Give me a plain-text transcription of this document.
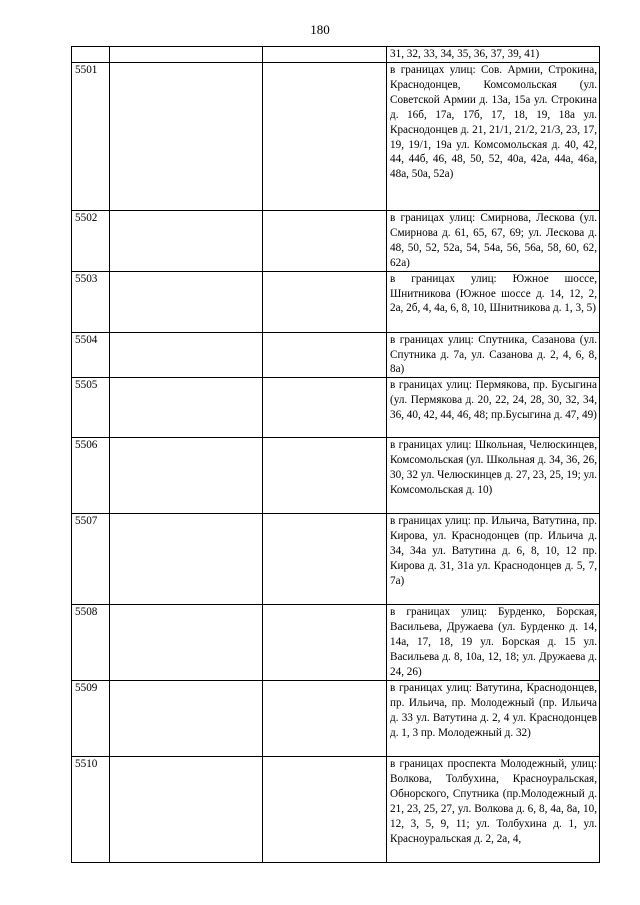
180
			31, 32, 33, 34, 35, 36, 37, 39, 41)
5501			в границах улиц: Сов. Армии, Строкина, Краснодонцев, Комсомольская (ул. Советской Армии д. 13а, 15а ул. Строкина д. 16б, 17а, 17б, 17, 18, 19, 18а ул. Краснодонцев д. 21, 21/1, 21/2, 21/3, 23, 17, 19, 19/1, 19а ул. Комсомольская д. 40, 42, 44, 44б, 46, 48, 50, 52, 40а, 42а, 44а, 46а, 48а, 50а, 52а)
5502			в границах улиц: Смирнова, Лескова (ул. Смирнова д. 61, 65, 67, 69; ул. Лескова д. 48, 50, 52, 52а, 54, 54а, 56, 56а, 58, 60, 62, 62а)
5503			в границах улиц: Южное шоссе, Шнитникова (Южное шоссе д. 14, 12, 2, 2а, 2б, 4, 4а, 6, 8, 10, Шнитникова д. 1, 3, 5)
5504			в границах улиц: Спутника, Сазанова (ул. Спутника д. 7а, ул. Сазанова д. 2, 4, 6, 8, 8а)
5505			в границах улиц: Пермякова, пр. Бусыгина (ул. Пермякова д. 20, 22, 24, 28, 30, 32, 34, 36, 40, 42, 44, 46, 48; пр.Бусыгина д. 47, 49)
5506			в границах улиц: Школьная, Челюскинцев, Комсомольская (ул. Школьная д. 34, 36, 26, 30, 32 ул. Челюскинцев д. 27, 23, 25, 19; ул. Комсомольская д. 10)
5507			в границах улиц: пр. Ильича, Ватутина, пр. Кирова, ул. Краснодонцев (пр. Ильича д. 34, 34а ул. Ватутина д. 6, 8, 10, 12 пр. Кирова д. 31, 31а ул. Краснодонцев д. 5, 7, 7а)
5508			в границах улиц: Бурденко, Борская, Васильева, Дружаева (ул. Бурденко д. 14, 14а, 17, 18, 19 ул. Борская д. 15 ул. Васильева д. 8, 10а, 12, 18; ул. Дружаева д. 24, 26)
5509			в границах улиц: Ватутина, Краснодонцев, пр. Ильича, пр. Молодежный (пр. Ильича д. 33 ул. Ватутина д. 2, 4 ул. Краснодонцев д. 1, 3 пр. Молодежный д. 32)
5510			в границах проспекта Молодежный, улиц: Волкова, Толбухина, Красноуральская, Обнорского, Спутника (пр.Молодежный д. 21, 23, 25, 27, ул. Волкова д. 6, 8, 4а, 8а, 10, 12, 3, 5, 9, 11; ул. Толбухина д. 1, ул. Красноуральская д. 2, 2а, 4,
